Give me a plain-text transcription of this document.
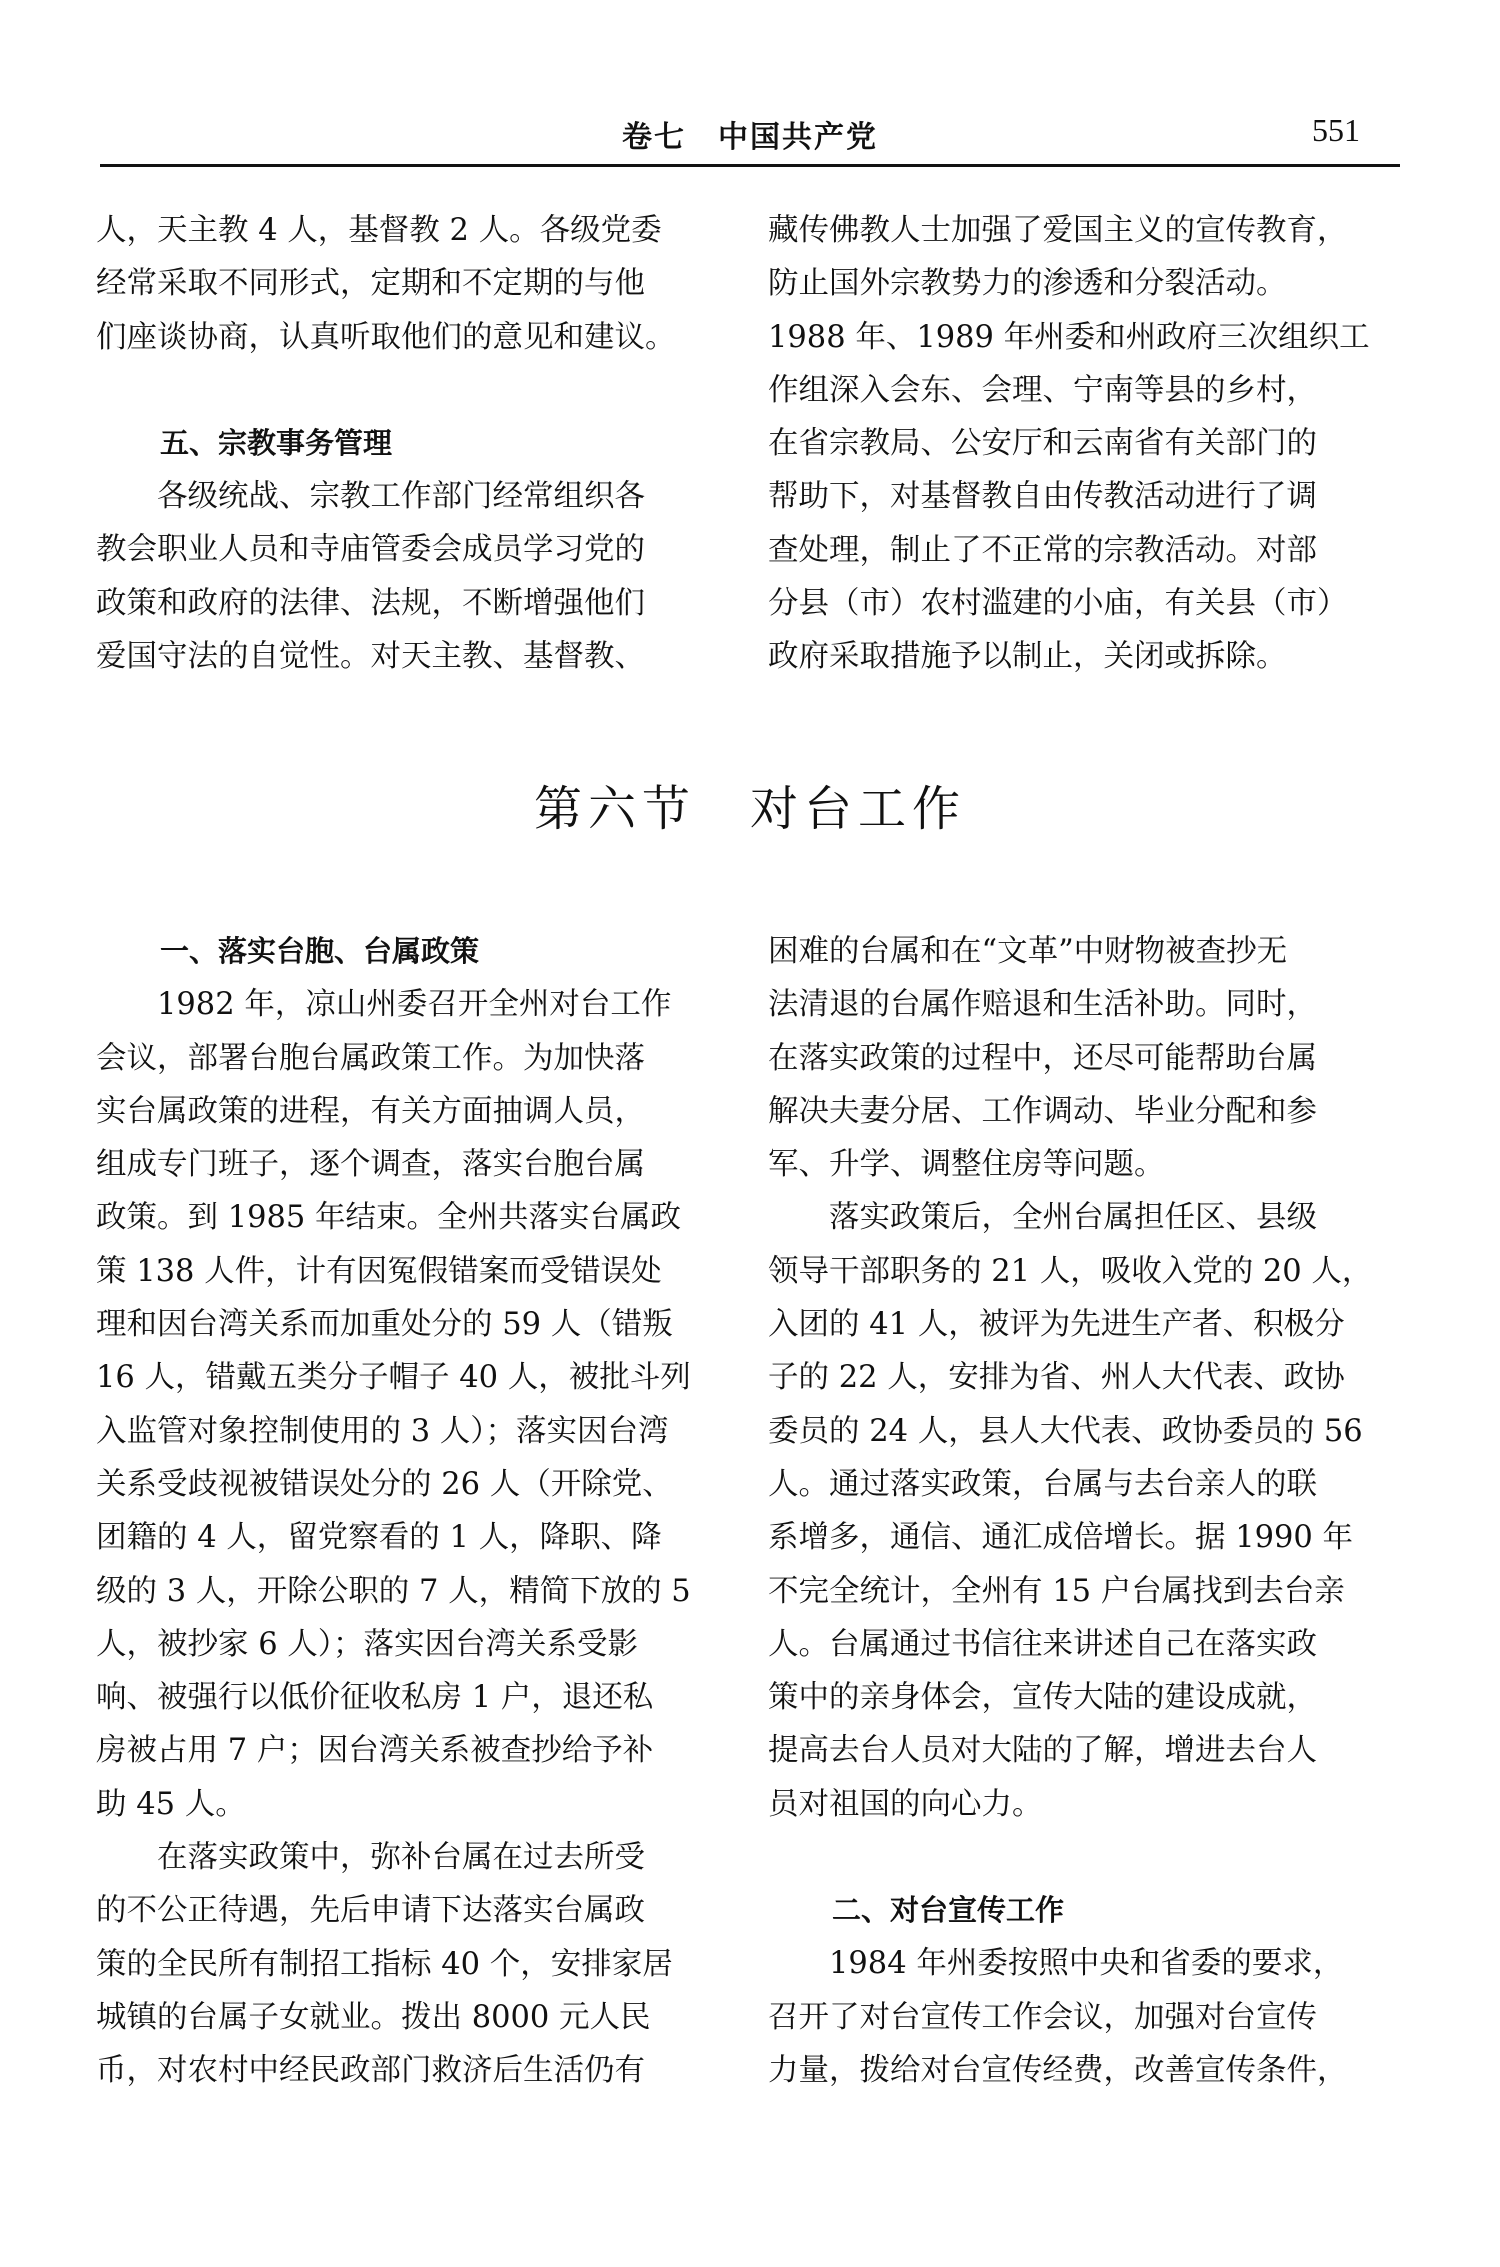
卷七　中国共产党	551
人，天主教 4 人，基督教 2 人。各级党委
经常采取不同形式，定期和不定期的与他
们座谈协商，认真听取他们的意见和建议。
五、宗教事务管理
　　各级统战、宗教工作部门经常组织各
教会职业人员和寺庙管委会成员学习党的
政策和政府的法律、法规，不断增强他们
爱国守法的自觉性。对天主教、基督教、
藏传佛教人士加强了爱国主义的宣传教育，
防止国外宗教势力的渗透和分裂活动。
1988 年、1989 年州委和州政府三次组织工
作组深入会东、会理、宁南等县的乡村，
在省宗教局、公安厅和云南省有关部门的
帮助下，对基督教自由传教活动进行了调
查处理，制止了不正常的宗教活动。对部
分县（市）农村滥建的小庙，有关县（市）
政府采取措施予以制止，关闭或拆除。
第六节　对台工作
一、落实台胞、台属政策
　　1982 年，凉山州委召开全州对台工作
会议，部署台胞台属政策工作。为加快落
实台属政策的进程，有关方面抽调人员，
组成专门班子，逐个调查，落实台胞台属
政策。到 1985 年结束。全州共落实台属政
策 138 人件，计有因冤假错案而受错误处
理和因台湾关系而加重处分的 59 人（错叛
16 人，错戴五类分子帽子 40 人，被批斗列
入监管对象控制使用的 3 人）；落实因台湾
关系受歧视被错误处分的 26 人（开除党、
团籍的 4 人，留党察看的 1 人，降职、降
级的 3 人，开除公职的 7 人，精简下放的 5
人，被抄家 6 人）；落实因台湾关系受影
响、被强行以低价征收私房 1 户，退还私
房被占用 7 户；因台湾关系被查抄给予补
助 45 人。
　　在落实政策中，弥补台属在过去所受
的不公正待遇，先后申请下达落实台属政
策的全民所有制招工指标 40 个，安排家居
城镇的台属子女就业。拨出 8000 元人民
币，对农村中经民政部门救济后生活仍有
困难的台属和在“文革”中财物被查抄无
法清退的台属作赔退和生活补助。同时，
在落实政策的过程中，还尽可能帮助台属
解决夫妻分居、工作调动、毕业分配和参
军、升学、调整住房等问题。
　　落实政策后，全州台属担任区、县级
领导干部职务的 21 人，吸收入党的 20 人，
入团的 41 人，被评为先进生产者、积极分
子的 22 人，安排为省、州人大代表、政协
委员的 24 人，县人大代表、政协委员的 56
人。通过落实政策，台属与去台亲人的联
系增多，通信、通汇成倍增长。据 1990 年
不完全统计，全州有 15 户台属找到去台亲
人。台属通过书信往来讲述自己在落实政
策中的亲身体会，宣传大陆的建设成就，
提高去台人员对大陆的了解，增进去台人
员对祖国的向心力。
二、对台宣传工作
　　1984 年州委按照中央和省委的要求，
召开了对台宣传工作会议，加强对台宣传
力量，拨给对台宣传经费，改善宣传条件，
